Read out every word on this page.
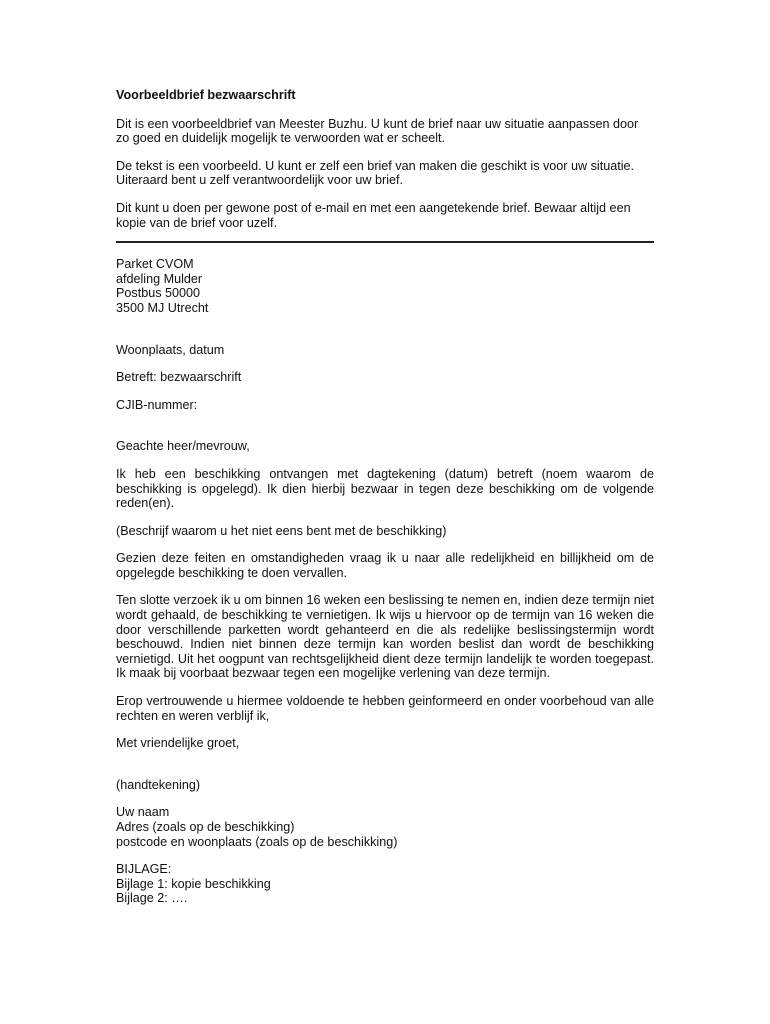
Voorbeeldbrief bezwaarschrift

Dit is een voorbeeldbrief van Meester Buzhu. U kunt de brief naar uw situatie aanpassen door zo goed en duidelijk mogelijk te verwoorden wat er scheelt.

De tekst is een voorbeeld. U kunt er zelf een brief van maken die geschikt is voor uw situatie. Uiteraard bent u zelf verantwoordelijk voor uw brief.

Dit kunt u doen per gewone post of e-mail en met een aangetekende brief. Bewaar altijd een kopie van de brief voor uzelf.

Parket CVOM
afdeling Mulder
Postbus 50000
3500 MJ Utrecht

Woonplaats, datum

Betreft: bezwaarschrift

CJIB-nummer:

Geachte heer/mevrouw,

Ik heb een beschikking ontvangen met dagtekening (datum) betreft (noem waarom de beschikking is opgelegd). Ik dien hierbij bezwaar in tegen deze beschikking om de volgende reden(en).

(Beschrijf waarom u het niet eens bent met de beschikking)

Gezien deze feiten en omstandigheden vraag ik u naar alle redelijkheid en billijkheid om de opgelegde beschikking te doen vervallen.

Ten slotte verzoek ik u om binnen 16 weken een beslissing te nemen en, indien deze termijn niet wordt gehaald, de beschikking te vernietigen. Ik wijs u hiervoor op de termijn van 16 weken die door verschillende parketten wordt gehanteerd en die als redelijke beslissingstermijn wordt beschouwd. Indien niet binnen deze termijn kan worden beslist dan wordt de beschikking vernietigd. Uit het oogpunt van rechtsgelijkheid dient deze termijn landelijk te worden toegepast. Ik maak bij voorbaat bezwaar tegen een mogelijke verlening van deze termijn.

Erop vertrouwende u hiermee voldoende te hebben geinformeerd en onder voorbehoud van alle rechten en weren verblijf ik,

Met vriendelijke groet,

(handtekening)

Uw naam
Adres (zoals op de beschikking)
postcode en woonplaats (zoals op de beschikking)
BIJLAGE:
Bijlage 1: kopie beschikking
Bijlage 2: ….
